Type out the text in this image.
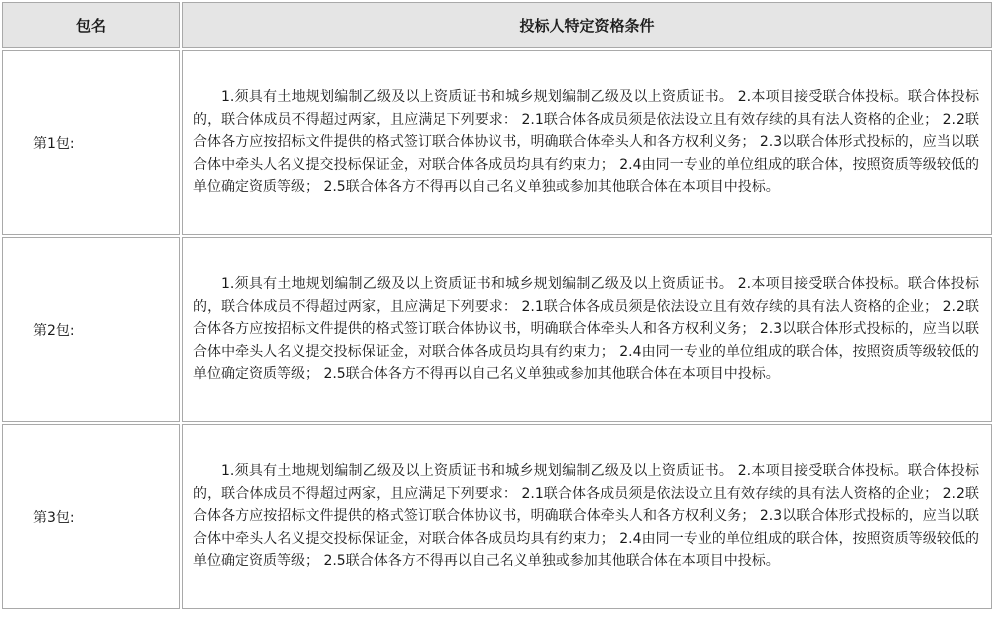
包名	投标人特定资格条件
第1包:	1.须具有土地规划编制乙级及以上资质证书和城乡规划编制乙级及以上资质证书。 2.本项目接受联合体投标。联合体投标的，联合体成员不得超过两家，且应满足下列要求： 2.1联合体各成员须是依法设立且有效存续的具有法人资格的企业； 2.2联合体各方应按招标文件提供的格式签订联合体协议书，明确联合体牵头人和各方权利义务； 2.3以联合体形式投标的，应当以联合体中牵头人名义提交投标保证金，对联合体各成员均具有约束力； 2.4由同一专业的单位组成的联合体，按照资质等级较低的单位确定资质等级； 2.5联合体各方不得再以自己名义单独或参加其他联合体在本项目中投标。

第2包:	1.须具有土地规划编制乙级及以上资质证书和城乡规划编制乙级及以上资质证书。 2.本项目接受联合体投标。联合体投标的，联合体成员不得超过两家，且应满足下列要求： 2.1联合体各成员须是依法设立且有效存续的具有法人资格的企业； 2.2联合体各方应按招标文件提供的格式签订联合体协议书，明确联合体牵头人和各方权利义务； 2.3以联合体形式投标的，应当以联合体中牵头人名义提交投标保证金，对联合体各成员均具有约束力； 2.4由同一专业的单位组成的联合体，按照资质等级较低的单位确定资质等级； 2.5联合体各方不得再以自己名义单独或参加其他联合体在本项目中投标。

第3包:	1.须具有土地规划编制乙级及以上资质证书和城乡规划编制乙级及以上资质证书。 2.本项目接受联合体投标。联合体投标的，联合体成员不得超过两家，且应满足下列要求： 2.1联合体各成员须是依法设立且有效存续的具有法人资格的企业； 2.2联合体各方应按招标文件提供的格式签订联合体协议书，明确联合体牵头人和各方权利义务； 2.3以联合体形式投标的，应当以联合体中牵头人名义提交投标保证金，对联合体各成员均具有约束力； 2.4由同一专业的单位组成的联合体，按照资质等级较低的单位确定资质等级； 2.5联合体各方不得再以自己名义单独或参加其他联合体在本项目中投标。
